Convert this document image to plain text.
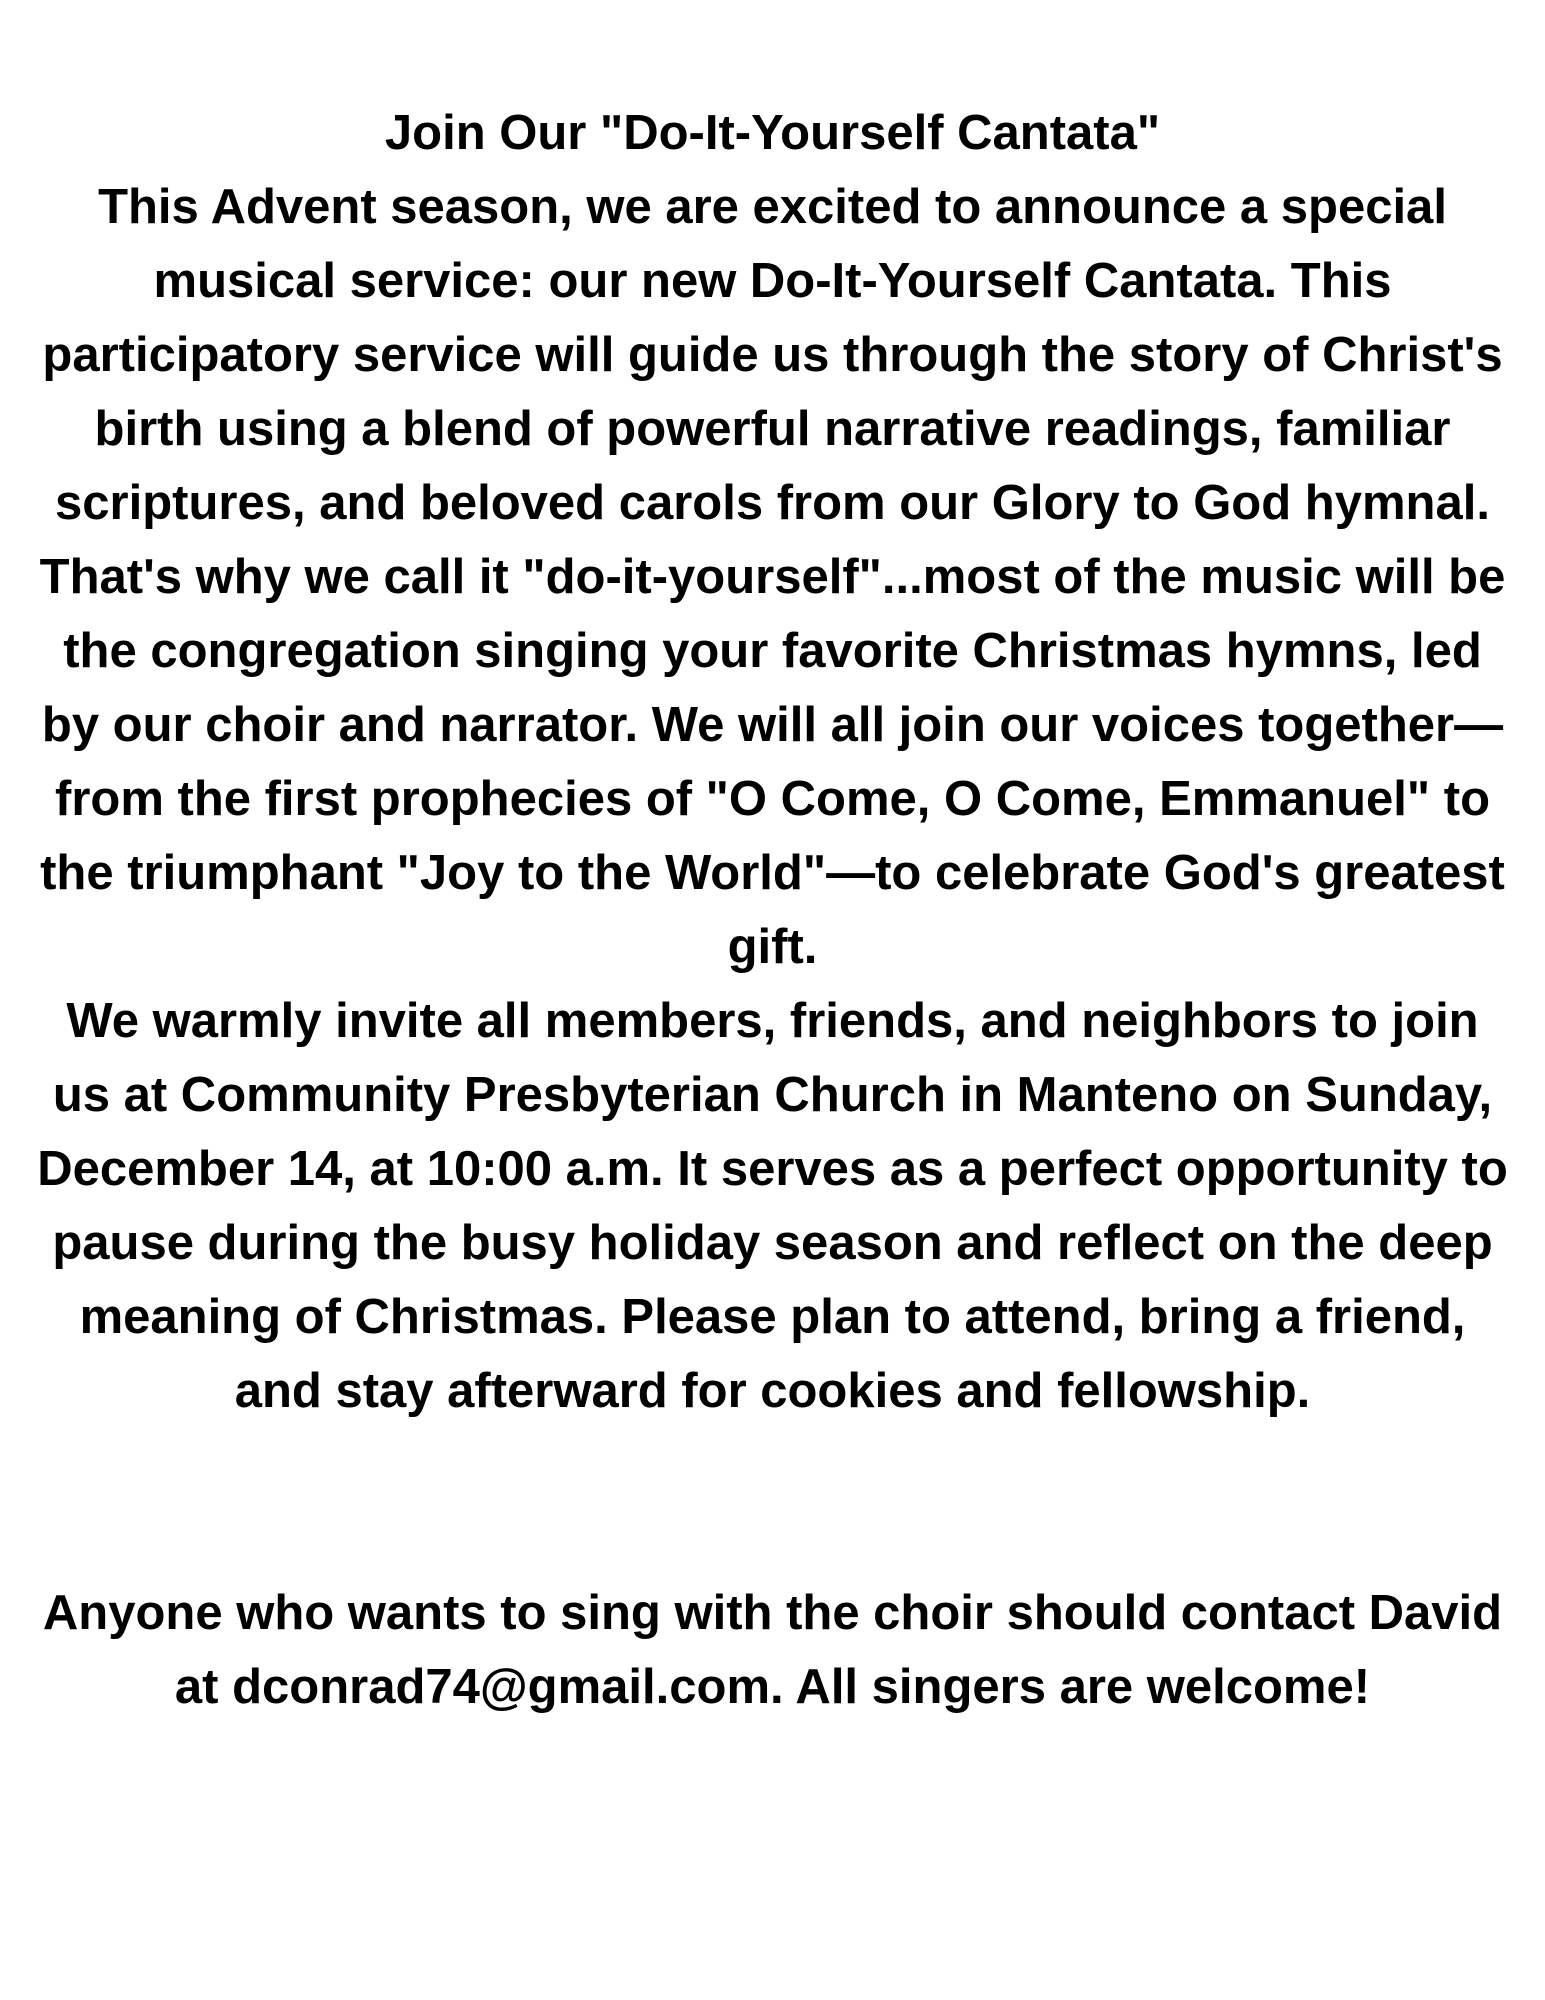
Join Our "Do-It-Yourself Cantata"

This Advent season, we are excited to announce a special musical service: our new Do-It-Yourself Cantata. This participatory service will guide us through the story of Christ's birth using a blend of powerful narrative readings, familiar scriptures, and beloved carols from our Glory to God hymnal. That's why we call it "do-it-yourself"...most of the music will be the congregation singing your favorite Christmas hymns, led by our choir and narrator. We will all join our voices together—from the first prophecies of "O Come, O Come, Emmanuel" to the triumphant "Joy to the World"—to celebrate God's greatest gift.

We warmly invite all members, friends, and neighbors to join us at Community Presbyterian Church in Manteno on Sunday, December 14, at 10:00 a.m. It serves as a perfect opportunity to pause during the busy holiday season and reflect on the deep meaning of Christmas. Please plan to attend, bring a friend, and stay afterward for cookies and fellowship.

Anyone who wants to sing with the choir should contact David at dconrad74@gmail.com. All singers are welcome!
